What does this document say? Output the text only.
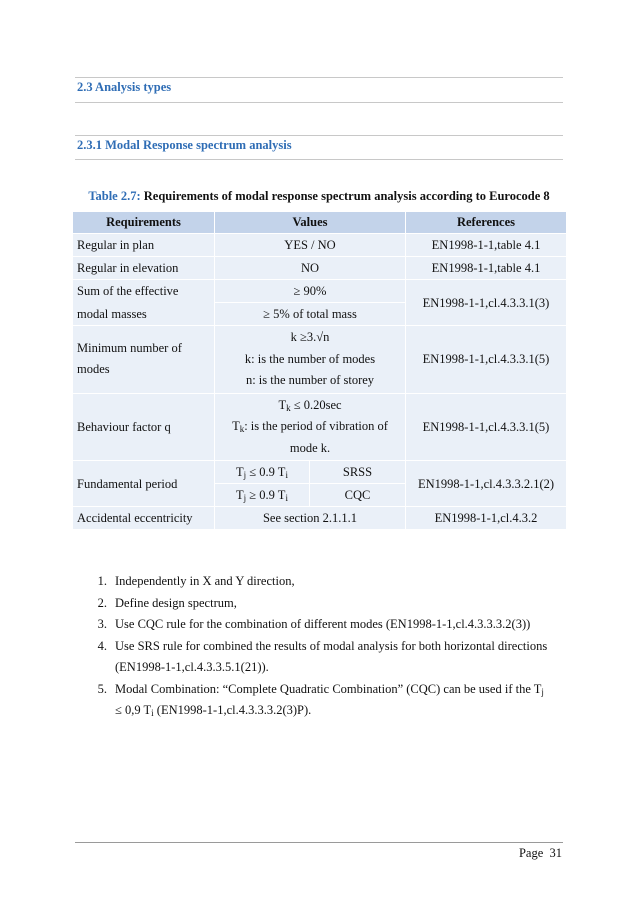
2.3 Analysis types
2.3.1 Modal Response spectrum analysis
Table 2.7: Requirements of modal response spectrum analysis according to Eurocode 8
Requirements	Values		References
Regular in plan	YES / NO		EN1998-1-1,table 4.1
Regular in elevation	NO		EN1998-1-1,table 4.1
Sum of the effective	≥ 90%		EN1998-1-1,cl.4.3.3.1(3)
modal masses	≥ 5% of total mass		
Minimum number of modes	k ≥3.√n
k: is the number of modes
n: is the number of storey		EN1998-1-1,cl.4.3.3.1(5)
Behaviour factor q	$T_k \le 0.20\sec$
$T_k$: is the period of vibration of
mode k.		EN1998-1-1,cl.4.3.3.1(5)
Fundamental period	$T_j \le 0.9$ $T_i$	SRSS	EN1998-1-1,cl.4.3.3.2.1(2)
	$T_j \ge 0.9$ $T_i$	CQC	
Accidental eccentricity	See section 2.1.1.1		EN1998-1-1,cl.4.3.2
1. Independently in X and Y direction,
2. Define design spectrum,
3. Use CQC rule for the combination of different modes (EN1998-1-1,cl.4.3.3.3.2(3))
4. Use SRS rule for combined the results of modal analysis for both horizontal directions (EN1998-1-1,cl.4.3.3.5.1(21)).
5. Modal Combination: “Complete Quadratic Combination” (CQC) can be used if the $T_j$
≤ 0,9 $T_i$ (EN1998-1-1,cl.4.3.3.3.2(3)P).
Page 31
